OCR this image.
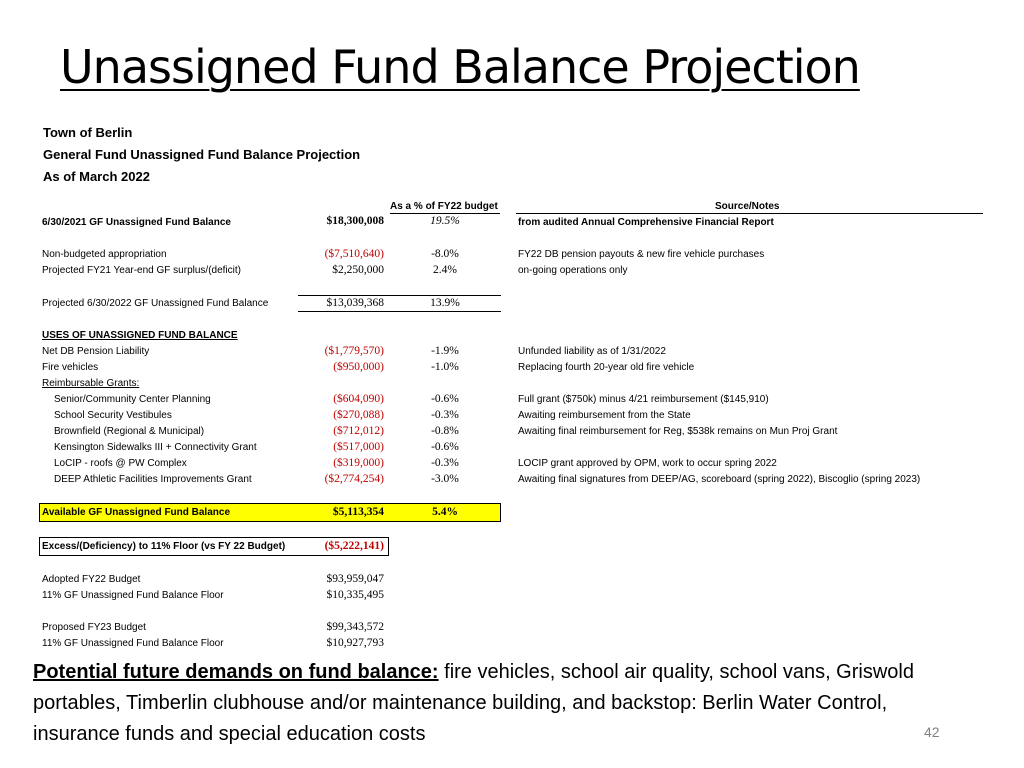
Unassigned Fund Balance Projection
Town of Berlin
General Fund Unassigned Fund Balance Projection
As of March 2022
As a % of FY22 budget	Source/Notes
6/30/2021 GF Unassigned Fund Balance	$18,300,008	19.5%	from audited Annual Comprehensive Financial Report
Non-budgeted appropriation	($7,510,640)	-8.0%	FY22 DB pension payouts & new fire vehicle purchases
Projected FY21 Year-end GF surplus/(deficit)	$2,250,000	2.4%	on-going operations only
Projected 6/30/2022 GF Unassigned Fund Balance	$13,039,368	13.9%
USES OF UNASSIGNED FUND BALANCE
Net DB Pension Liability	($1,779,570)	-1.9%	Unfunded liability as of 1/31/2022
Fire vehicles	($950,000)	-1.0%	Replacing fourth 20-year old fire vehicle
Reimbursable Grants:
Senior/Community Center Planning	($604,090)	-0.6%	Full grant ($750k) minus 4/21 reimbursement ($145,910)
School Security Vestibules	($270,088)	-0.3%	Awaiting reimbursement from the State
Brownfield (Regional & Municipal)	($712,012)	-0.8%	Awaiting final reimbursement for Reg, $538k remains on Mun Proj Grant
Kensington Sidewalks III + Connectivity Grant	($517,000)	-0.6%
LoCIP - roofs @ PW Complex	($319,000)	-0.3%	LOCIP grant approved by OPM, work to occur spring 2022
DEEP Athletic Facilities Improvements Grant	($2,774,254)	-3.0%	Awaiting final signatures from DEEP/AG, scoreboard (spring 2022), Biscoglio (spring 2023)
Available GF Unassigned Fund Balance	$5,113,354	5.4%
Excess/(Deficiency) to 11% Floor (vs FY 22 Budget)	($5,222,141)
Adopted FY22 Budget	$93,959,047
11% GF Unassigned Fund Balance Floor	$10,335,495
Proposed FY23 Budget	$99,343,572
11% GF Unassigned Fund Balance Floor	$10,927,793
Potential future demands on fund balance: fire vehicles, school air quality, school vans, Griswold portables, Timberlin clubhouse and/or maintenance building, and backstop: Berlin Water Control, insurance funds and special education costs	42
